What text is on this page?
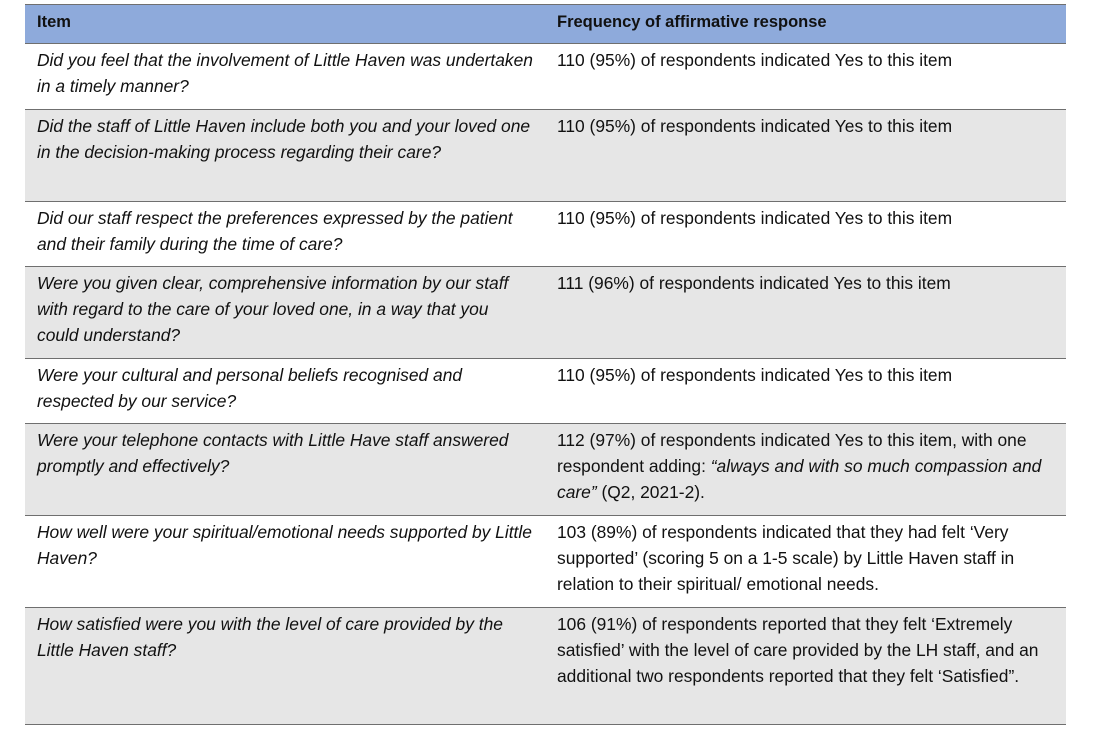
Item	Frequency of affirmative response
Did you feel that the involvement of Little Haven was undertaken in a timely manner?
110 (95%) of respondents indicated Yes to this item
Did the staff of Little Haven include both you and your loved one in the decision-making process regarding their care?
110 (95%) of respondents indicated Yes to this item
Did our staff respect the preferences expressed by the patient and their family during the time of care?
110 (95%) of respondents indicated Yes to this item
Were you given clear, comprehensive information by our staff with regard to the care of your loved one, in a way that you could understand?
111 (96%) of respondents indicated Yes to this item
Were your cultural and personal beliefs recognised and respected by our service?
110 (95%) of respondents indicated Yes to this item
Were your telephone contacts with Little Have staff answered promptly and effectively?
112 (97%) of respondents indicated Yes to this item, with one respondent adding: “always and with so much compassion and care” (Q2, 2021-2).
How well were your spiritual/emotional needs supported by Little Haven?
103 (89%) of respondents indicated that they had felt ‘Very supported’ (scoring 5 on a 1-5 scale) by Little Haven staff in relation to their spiritual/ emotional needs.
How satisfied were you with the level of care provided by the Little Haven staff?
106 (91%) of respondents reported that they felt ‘Extremely satisfied’ with the level of care provided by the LH staff, and an additional two respondents reported that they felt ‘Satisfied”.
